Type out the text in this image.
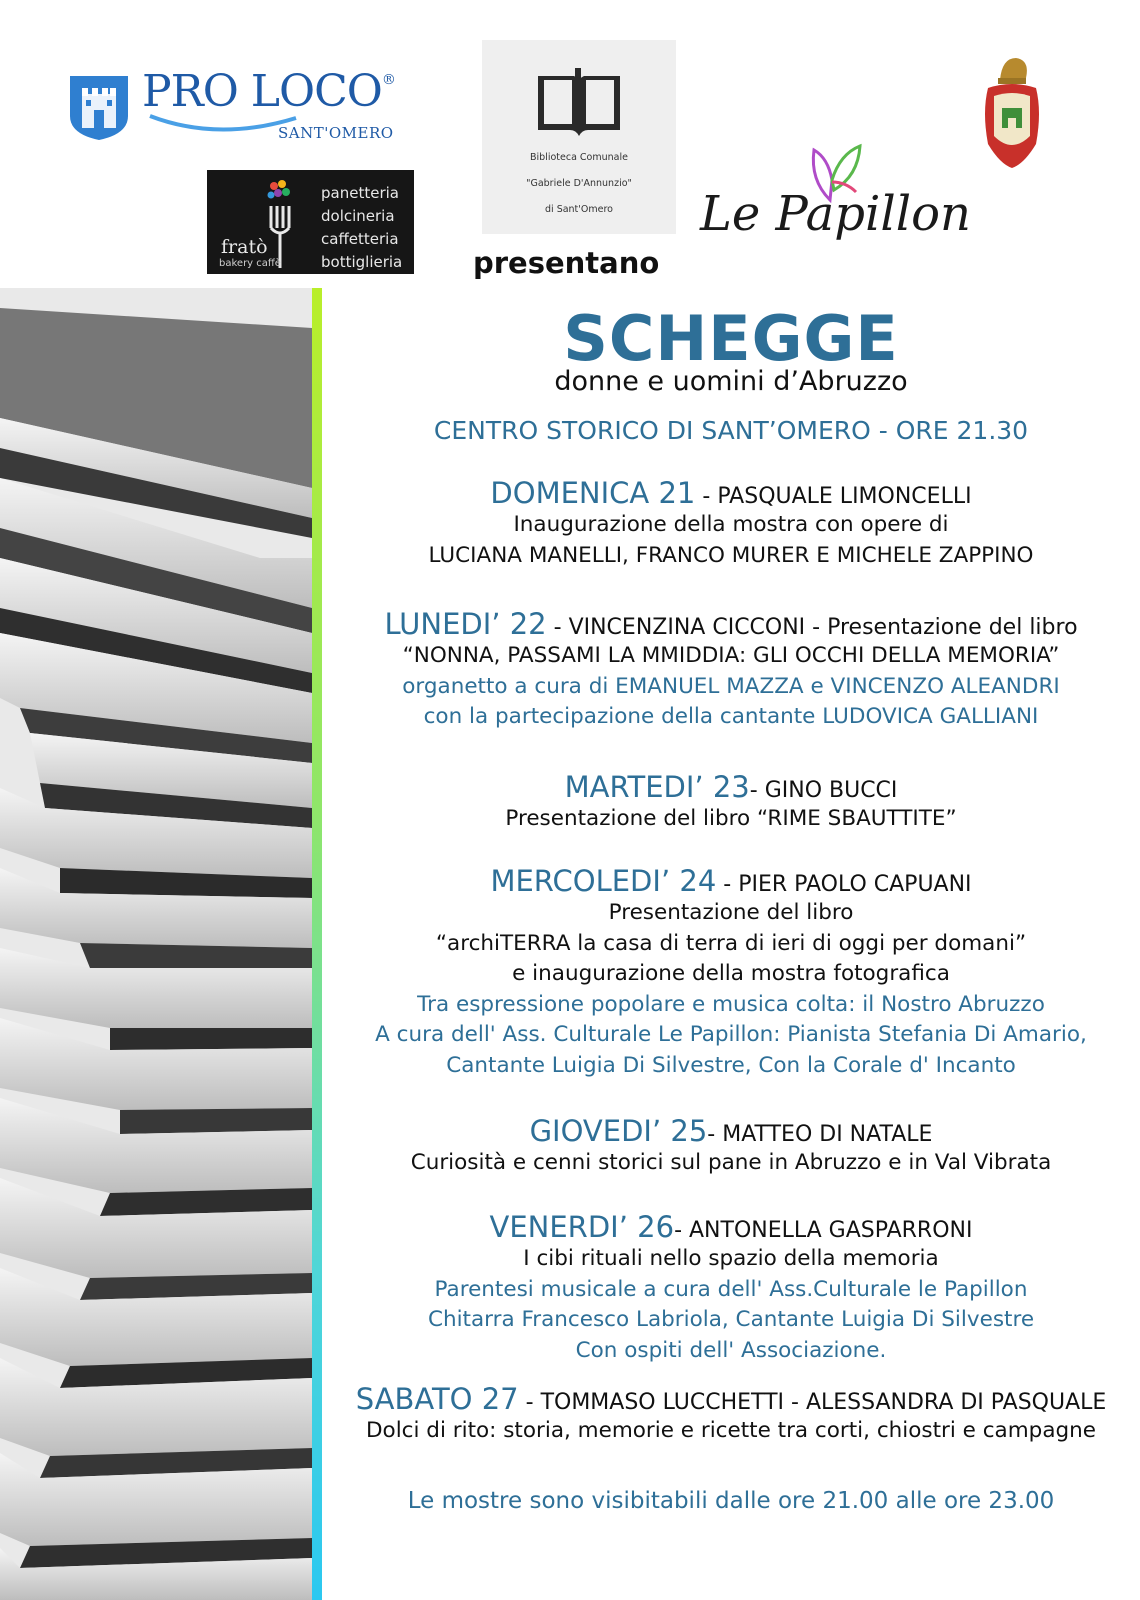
PRO LOCO®
SANT'OMERO
fratò
bakery caffè
panetteria
dolcineria
caffetteria
bottiglieria
Biblioteca Comunale
"Gabriele D'Annunzio"
di Sant'Omero
presentano
Le Papillon
SCHEGGE
donne e uomini d’Abruzzo
CENTRO STORICO DI SANT’OMERO - ORE 21.30
DOMENICA 21 - PASQUALE LIMONCELLI
Inaugurazione della mostra con opere di
LUCIANA MANELLI, FRANCO MURER E MICHELE ZAPPINO
LUNEDI’ 22 - VINCENZINA CICCONI - Presentazione del libro
“NONNA, PASSAMI LA MMIDDIA: GLI OCCHI DELLA MEMORIA”
organetto a cura di EMANUEL MAZZA e VINCENZO ALEANDRI
con la partecipazione della cantante LUDOVICA GALLIANI
MARTEDI’ 23- GINO BUCCI
Presentazione del libro “RIME SBAUTTITE”
MERCOLEDI’ 24 - PIER PAOLO CAPUANI
Presentazione del libro
“archiTERRA la casa di terra di ieri di oggi per domani”
e inaugurazione della mostra fotografica
Tra espressione popolare e musica colta: il Nostro Abruzzo
A cura dell' Ass. Culturale Le Papillon: Pianista Stefania Di Amario,
Cantante Luigia Di Silvestre, Con la Corale d' Incanto
GIOVEDI’ 25- MATTEO DI NATALE
Curiosità e cenni storici sul pane in Abruzzo e in Val Vibrata
VENERDI’ 26- ANTONELLA GASPARRONI
I cibi rituali nello spazio della memoria
Parentesi musicale a cura dell' Ass.Culturale le Papillon
Chitarra Francesco Labriola, Cantante Luigia Di Silvestre
Con ospiti dell' Associazione.
SABATO 27 - TOMMASO LUCCHETTI - ALESSANDRA DI PASQUALE
Dolci di rito: storia, memorie e ricette tra corti, chiostri e campagne
Le mostre sono visibitabili dalle ore 21.00 alle ore 23.00
